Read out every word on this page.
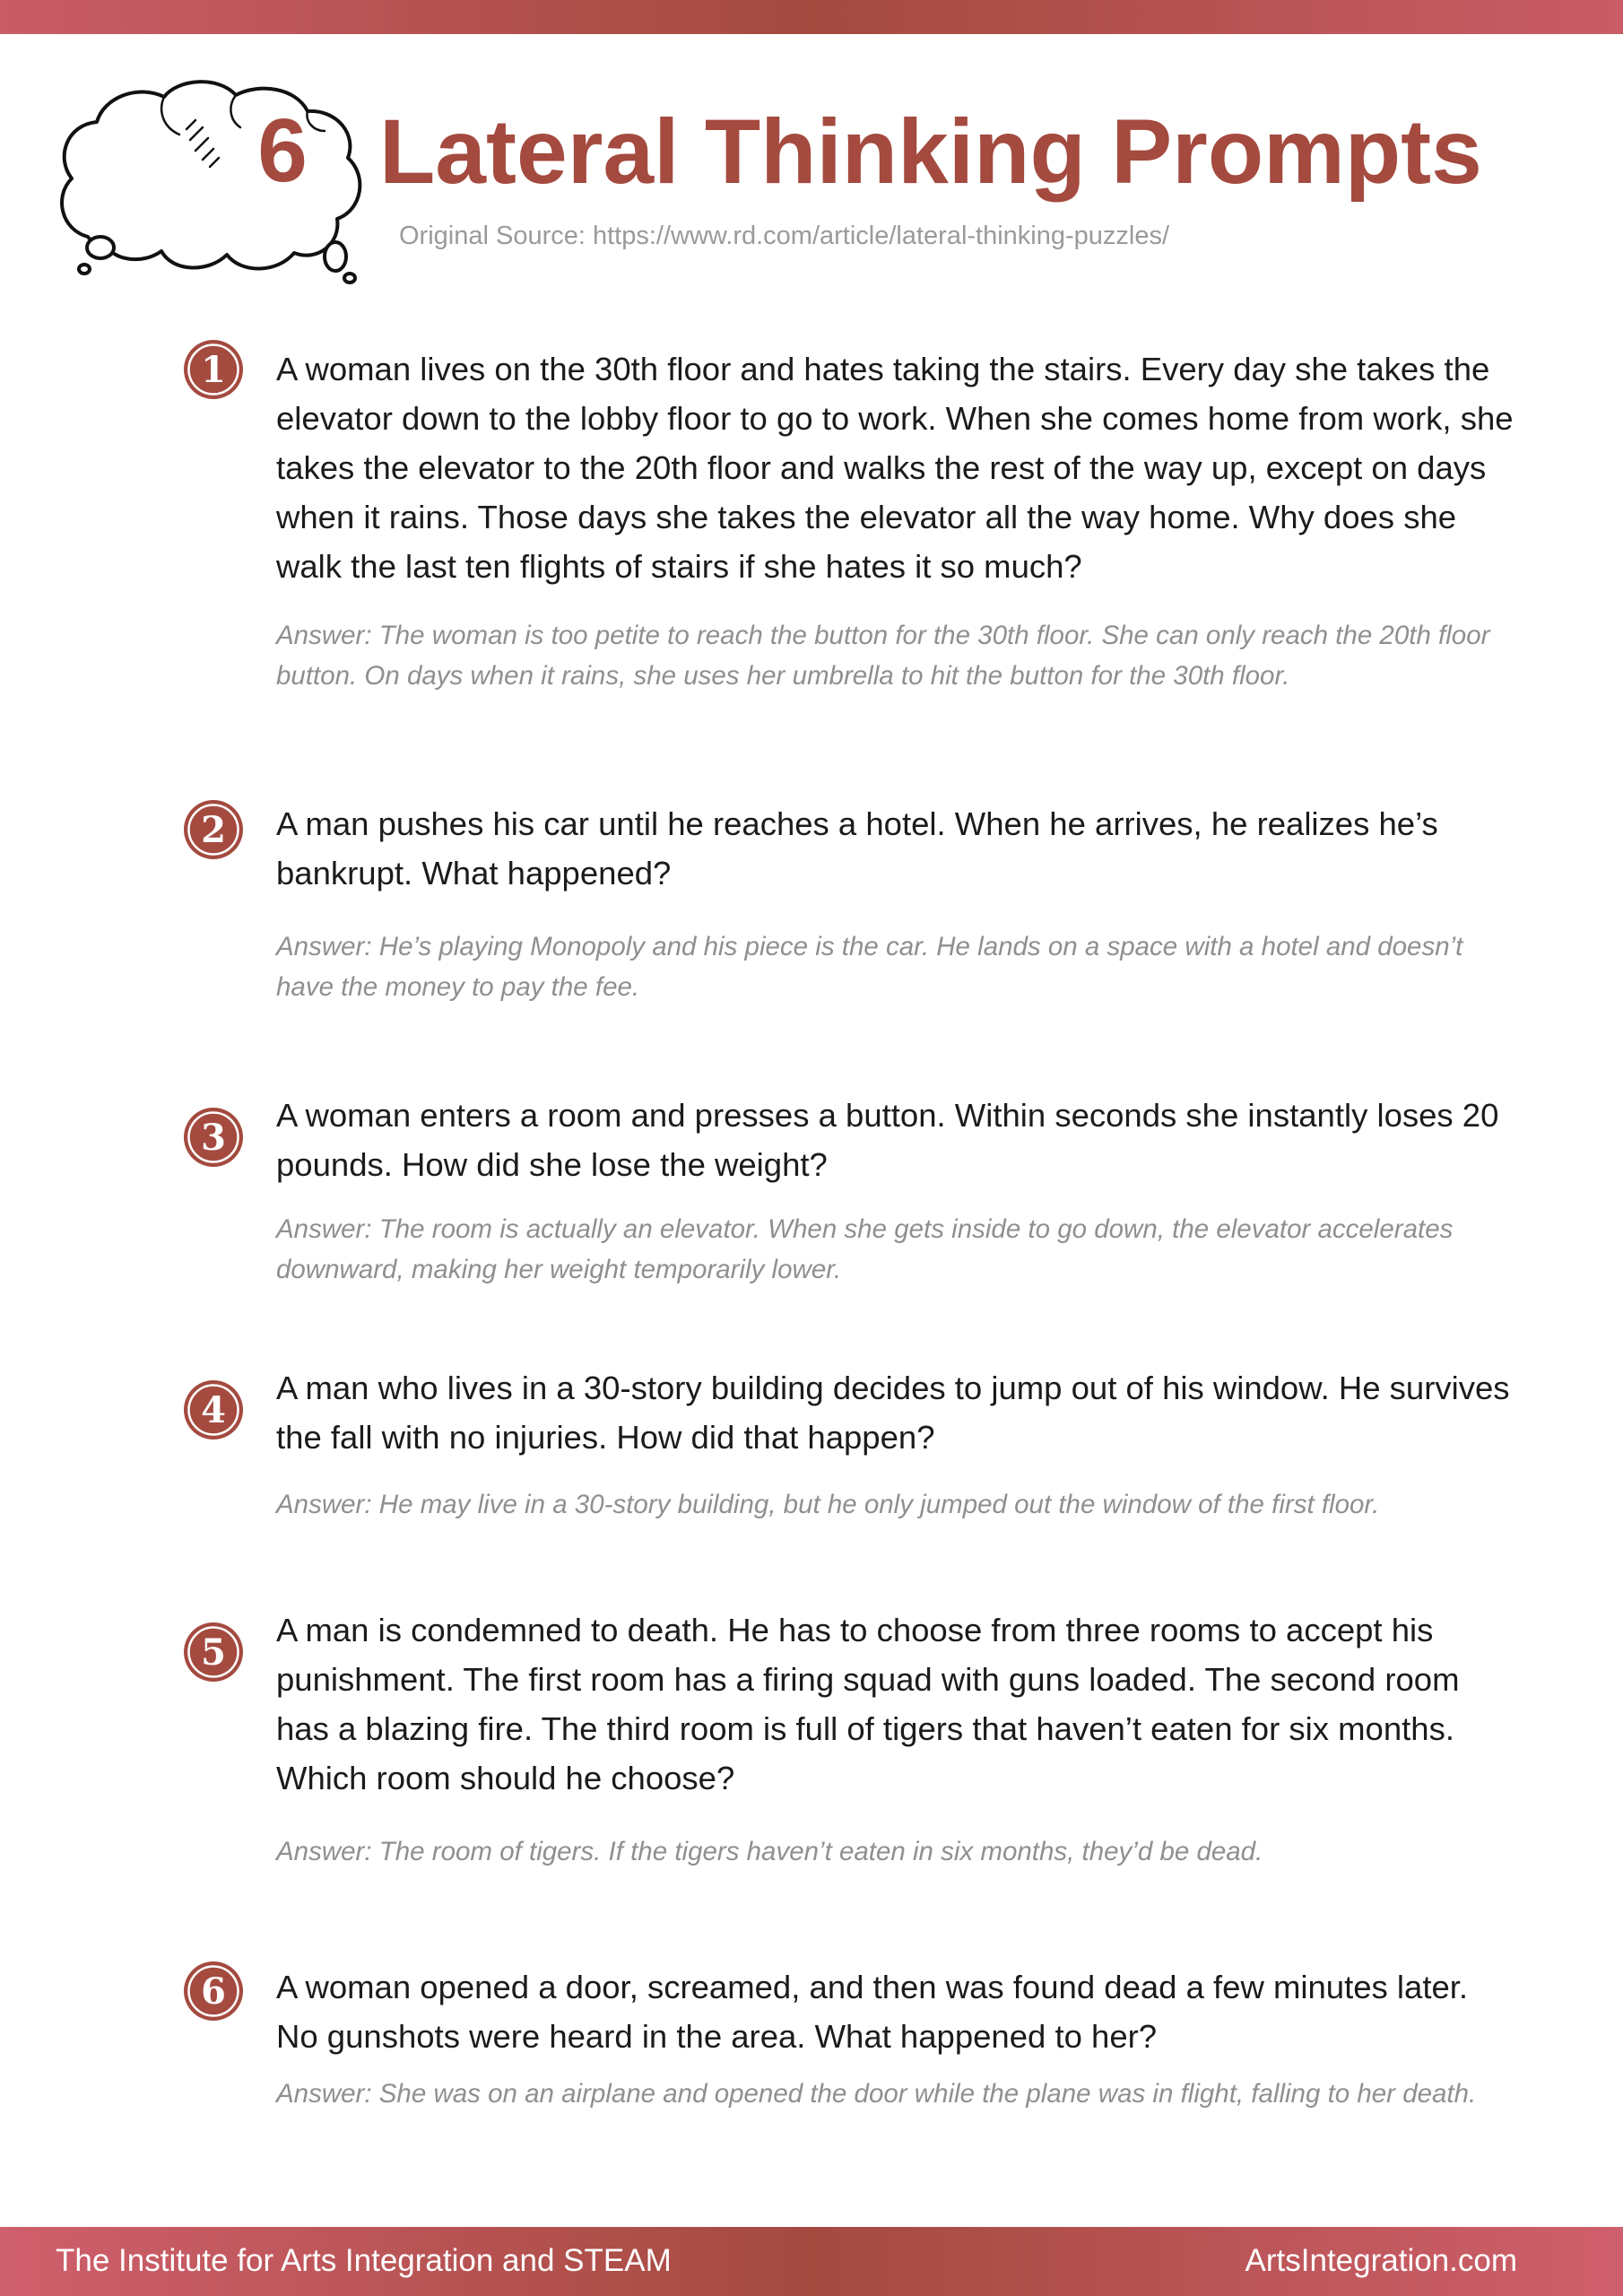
6 Lateral Thinking Prompts
Original Source: https://www.rd.com/article/lateral-thinking-puzzles/
1 A woman lives on the 30th floor and hates taking the stairs. Every day she takes the elevator down to the lobby floor to go to work. When she comes home from work, she takes the elevator to the 20th floor and walks the rest of the way up, except on days when it rains. Those days she takes the elevator all the way home. Why does she walk the last ten flights of stairs if she hates it so much?

Answer: The woman is too petite to reach the button for the 30th floor. She can only reach the 20th floor button. On days when it rains, she uses her umbrella to hit the button for the 30th floor.

2 A man pushes his car until he reaches a hotel. When he arrives, he realizes he’s bankrupt. What happened?

Answer: He’s playing Monopoly and his piece is the car. He lands on a space with a hotel and doesn’t have the money to pay the fee.

3

A woman enters a room and presses a button. Within seconds she instantly loses 20 pounds. How did she lose the weight?

Answer: The room is actually an elevator. When she gets inside to go down, the elevator accelerates downward, making her weight temporarily lower.

4

A man who lives in a 30-story building decides to jump out of his window. He survives the fall with no injuries. How did that happen?

Answer: He may live in a 30-story building, but he only jumped out the window of the first floor.

5

A man is condemned to death. He has to choose from three rooms to accept his punishment. The first room has a firing squad with guns loaded. The second room has a blazing fire. The third room is full of tigers that haven’t eaten for six months. Which room should he choose?

Answer: The room of tigers. If the tigers haven’t eaten in six months, they’d be dead.

6 A woman opened a door, screamed, and then was found dead a few minutes later. No gunshots were heard in the area. What happened to her?

Answer: She was on an airplane and opened the door while the plane was in flight, falling to her death.

The Institute for Arts Integration and STEAM	ArtsIntegration.com
